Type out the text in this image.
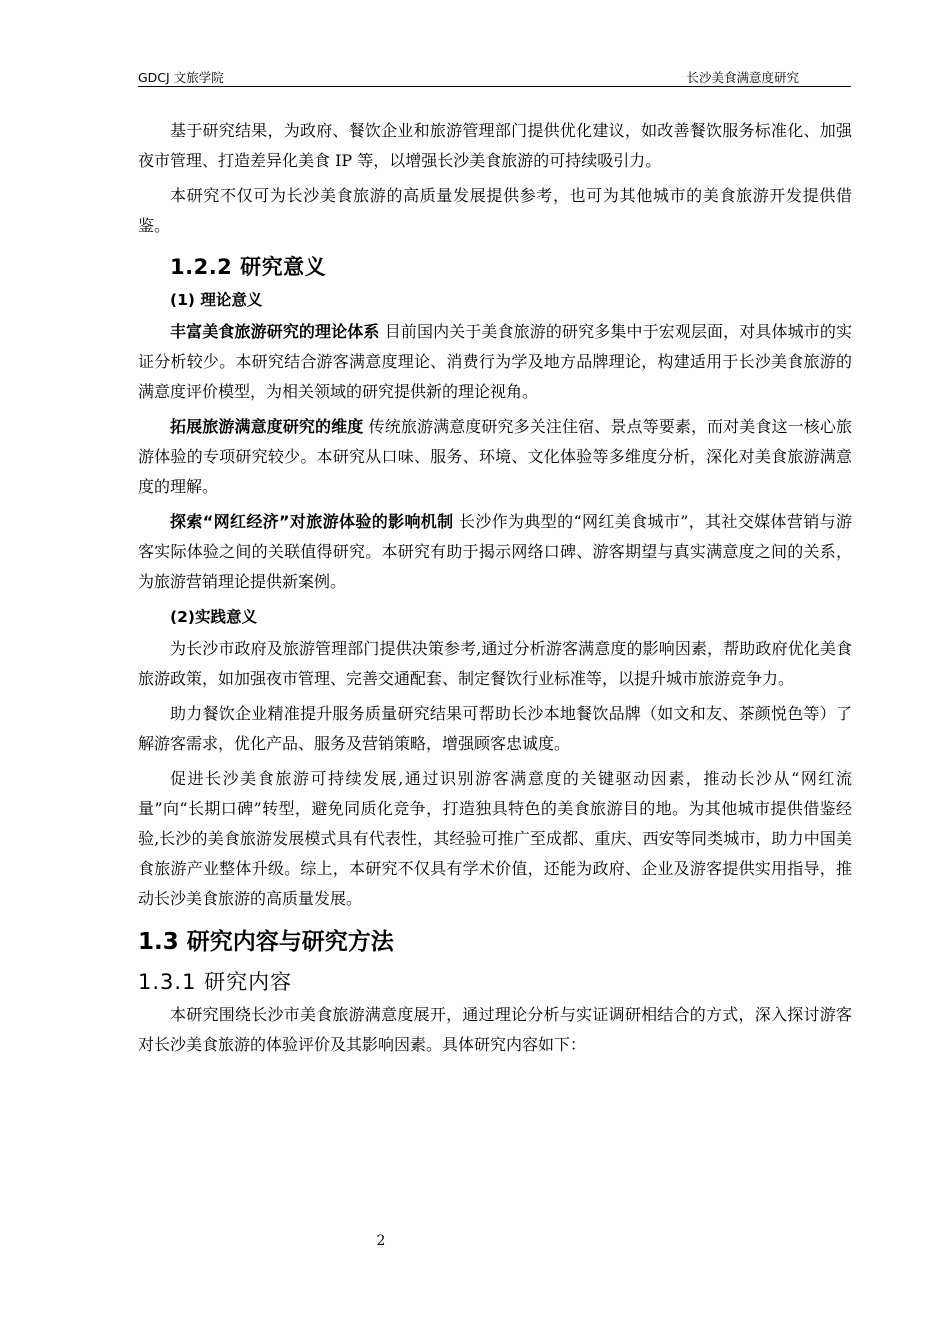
GDCJ 文旅学院	长沙美食满意度研究

基于研究结果，为政府、餐饮企业和旅游管理部门提供优化建议，如改善餐饮服务标准化、加强夜市管理、打造差异化美食 IP 等，以增强长沙美食旅游的可持续吸引力。

本研究不仅可为长沙美食旅游的高质量发展提供参考，也可为其他城市的美食旅游开发提供借鉴。

1.2.2 研究意义
(1) 理论意义

丰富美食旅游研究的理论体系 目前国内关于美食旅游的研究多集中于宏观层面，对具体城市的实证分析较少。本研究结合游客满意度理论、消费行为学及地方品牌理论，构建适用于长沙美食旅游的满意度评价模型，为相关领域的研究提供新的理论视角。

拓展旅游满意度研究的维度 传统旅游满意度研究多关注住宿、景点等要素，而对美食这一核心旅游体验的专项研究较少。本研究从口味、服务、环境、文化体验等多维度分析，深化对美食旅游满意度的理解。

探索“网红经济”对旅游体验的影响机制 长沙作为典型的“网红美食城市”，其社交媒体营销与游客实际体验之间的关联值得研究。本研究有助于揭示网络口碑、游客期望与真实满意度之间的关系，为旅游营销理论提供新案例。

(2)实践意义

为长沙市政府及旅游管理部门提供决策参考,通过分析游客满意度的影响因素，帮助政府优化美食旅游政策，如加强夜市管理、完善交通配套、制定餐饮行业标准等，以提升城市旅游竞争力。

助力餐饮企业精准提升服务质量研究结果可帮助长沙本地餐饮品牌（如文和友、茶颜悦色等）了解游客需求，优化产品、服务及营销策略，增强顾客忠诚度。

促进长沙美食旅游可持续发展,通过识别游客满意度的关键驱动因素，推动长沙从“网红流量”向“长期口碑”转型，避免同质化竞争，打造独具特色的美食旅游目的地。为其他城市提供借鉴经验,长沙的美食旅游发展模式具有代表性，其经验可推广至成都、重庆、西安等同类城市，助力中国美食旅游产业整体升级。综上，本研究不仅具有学术价值，还能为政府、企业及游客提供实用指导，推动长沙美食旅游的高质量发展。

1.3 研究内容与研究方法
1.3.1 研究内容

本研究围绕长沙市美食旅游满意度展开，通过理论分析与实证调研相结合的方式，深入探讨游客对长沙美食旅游的体验评价及其影响因素。具体研究内容如下：

2
